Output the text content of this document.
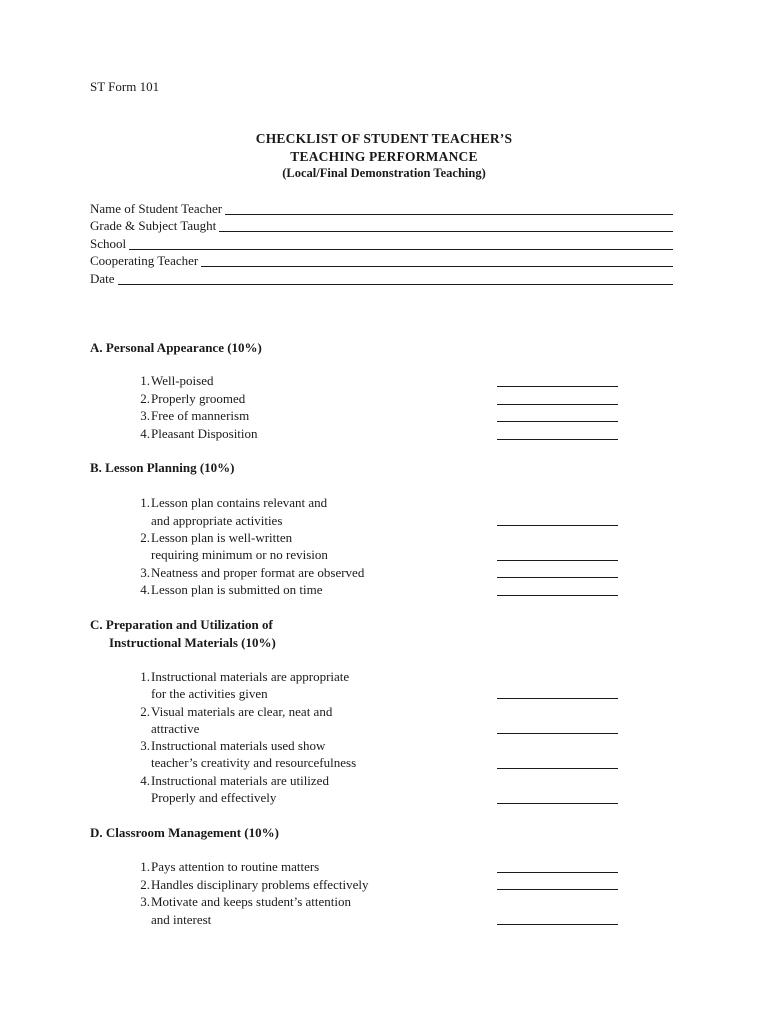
ST Form 101
CHECKLIST OF STUDENT TEACHER’S
TEACHING PERFORMANCE
(Local/Final Demonstration Teaching)
Name of Student Teacher
Grade & Subject Taught
School
Cooperating Teacher
Date
A. Personal Appearance (10%)
1. Well-poised
2. Properly groomed
3. Free of mannerism
4. Pleasant Disposition
B. Lesson Planning (10%)
1. Lesson plan contains relevant and
and appropriate activities
2. Lesson plan is well-written
requiring minimum or no revision
3. Neatness and proper format are observed
4. Lesson plan is submitted on time
C. Preparation and Utilization of
Instructional Materials (10%)
1. Instructional materials are appropriate
for the activities given
2. Visual materials are clear, neat and
attractive
3. Instructional materials used show
teacher’s creativity and resourcefulness
4. Instructional materials are utilized
Properly and effectively
D. Classroom Management (10%)
1. Pays attention to routine matters
2. Handles disciplinary problems effectively
3. Motivate and keeps student’s attention
and interest
